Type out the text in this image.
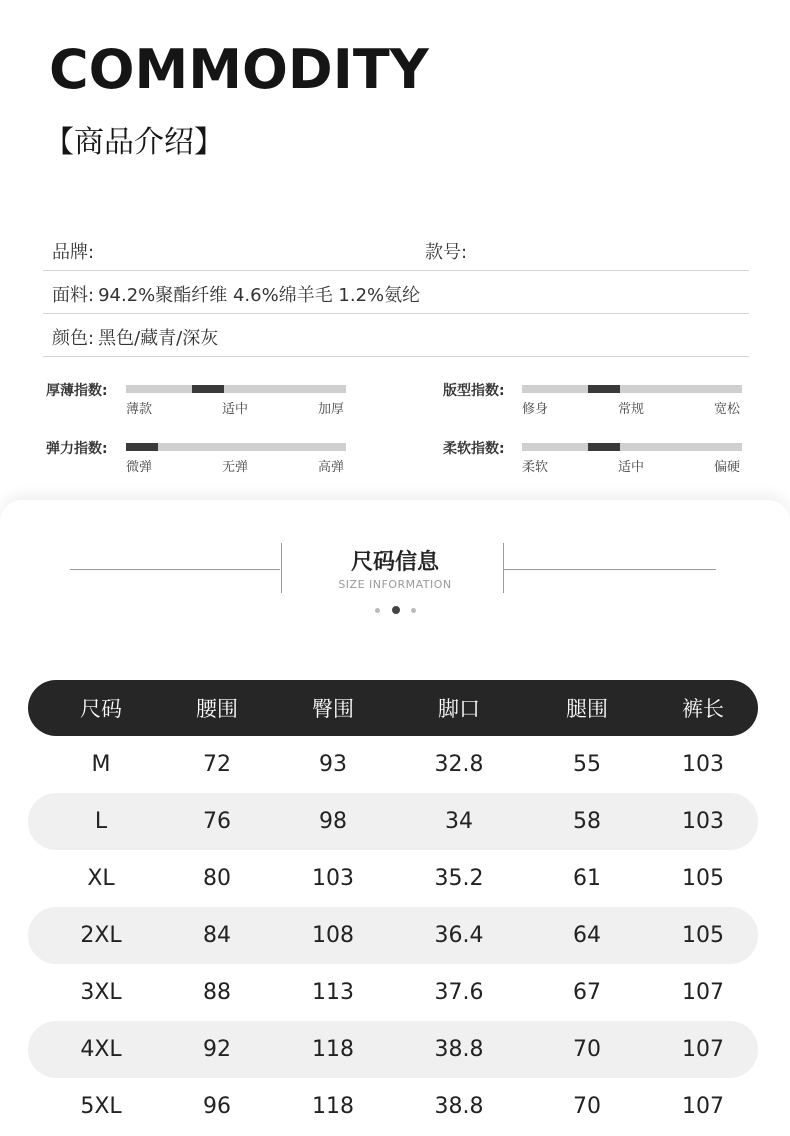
COMMODITY
【商品介绍】
品牌:	款号:
面料: 94.2%聚酯纤维 4.6%绵羊毛 1.2%氨纶
颜色: 黑色/藏青/深灰
厚薄指数:
薄款	适中	加厚
版型指数:
修身	常规	宽松
弹力指数:
微弹	无弹	高弹
柔软指数:
柔软	适中	偏硬
尺码信息
SIZE INFORMATION
尺码	腰围	臀围	脚口	腿围	裤长
M	72	93	32.8	55	103
L	76	98	34	58	103
XL	80	103	35.2	61	105
2XL	84	108	36.4	64	105
3XL	88	113	37.6	67	107
4XL	92	118	38.8	70	107
5XL	96	118	38.8	70	107
